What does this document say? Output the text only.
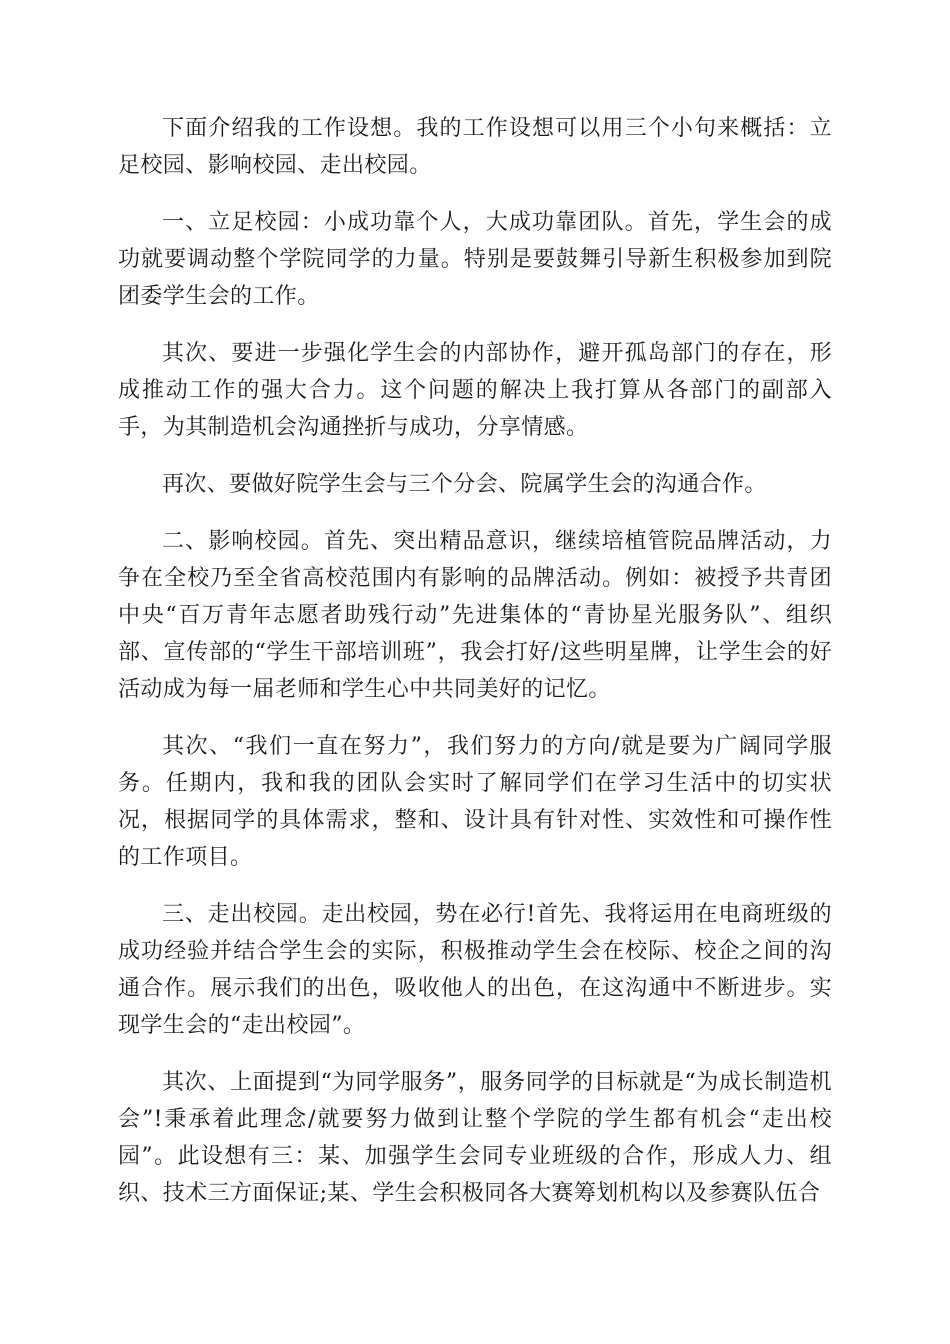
下面介绍我的工作设想。我的工作设想可以用三个小句来概括：立足校园、影响校园、走出校园。

一、立足校园：小成功靠个人，大成功靠团队。首先，学生会的成功就要调动整个学院同学的力量。特别是要鼓舞引导新生积极参加到院团委学生会的工作。

其次、要进一步强化学生会的内部协作，避开孤岛部门的存在，形成推动工作的强大合力。这个问题的解决上我打算从各部门的副部入手，为其制造机会沟通挫折与成功，分享情感。

再次、要做好院学生会与三个分会、院属学生会的沟通合作。

二、影响校园。首先、突出精品意识，继续培植管院品牌活动，力争在全校乃至全省高校范围内有影响的品牌活动。例如：被授予共青团中央“百万青年志愿者助残行动”先进集体的“青协星光服务队”、组织部、宣传部的“学生干部培训班”，我会打好/这些明星牌，让学生会的好活动成为每一届老师和学生心中共同美好的记忆。

其次、“我们一直在努力”，我们努力的方向/就是要为广阔同学服务。任期内，我和我的团队会实时了解同学们在学习生活中的切实状况，根据同学的具体需求，整和、设计具有针对性、实效性和可操作性的工作项目。

三、走出校园。走出校园，势在必行!首先、我将运用在电商班级的成功经验并结合学生会的实际，积极推动学生会在校际、校企之间的沟通合作。展示我们的出色，吸收他人的出色，在这沟通中不断进步。实现学生会的“走出校园”。

其次、上面提到“为同学服务”，服务同学的目标就是“为成长制造机会”!秉承着此理念/就要努力做到让整个学院的学生都有机会“走出校园”。此设想有三：某、加强学生会同专业班级的合作，形成人力、组织、技术三方面保证;某、学生会积极同各大赛筹划机构以及参赛队伍合
